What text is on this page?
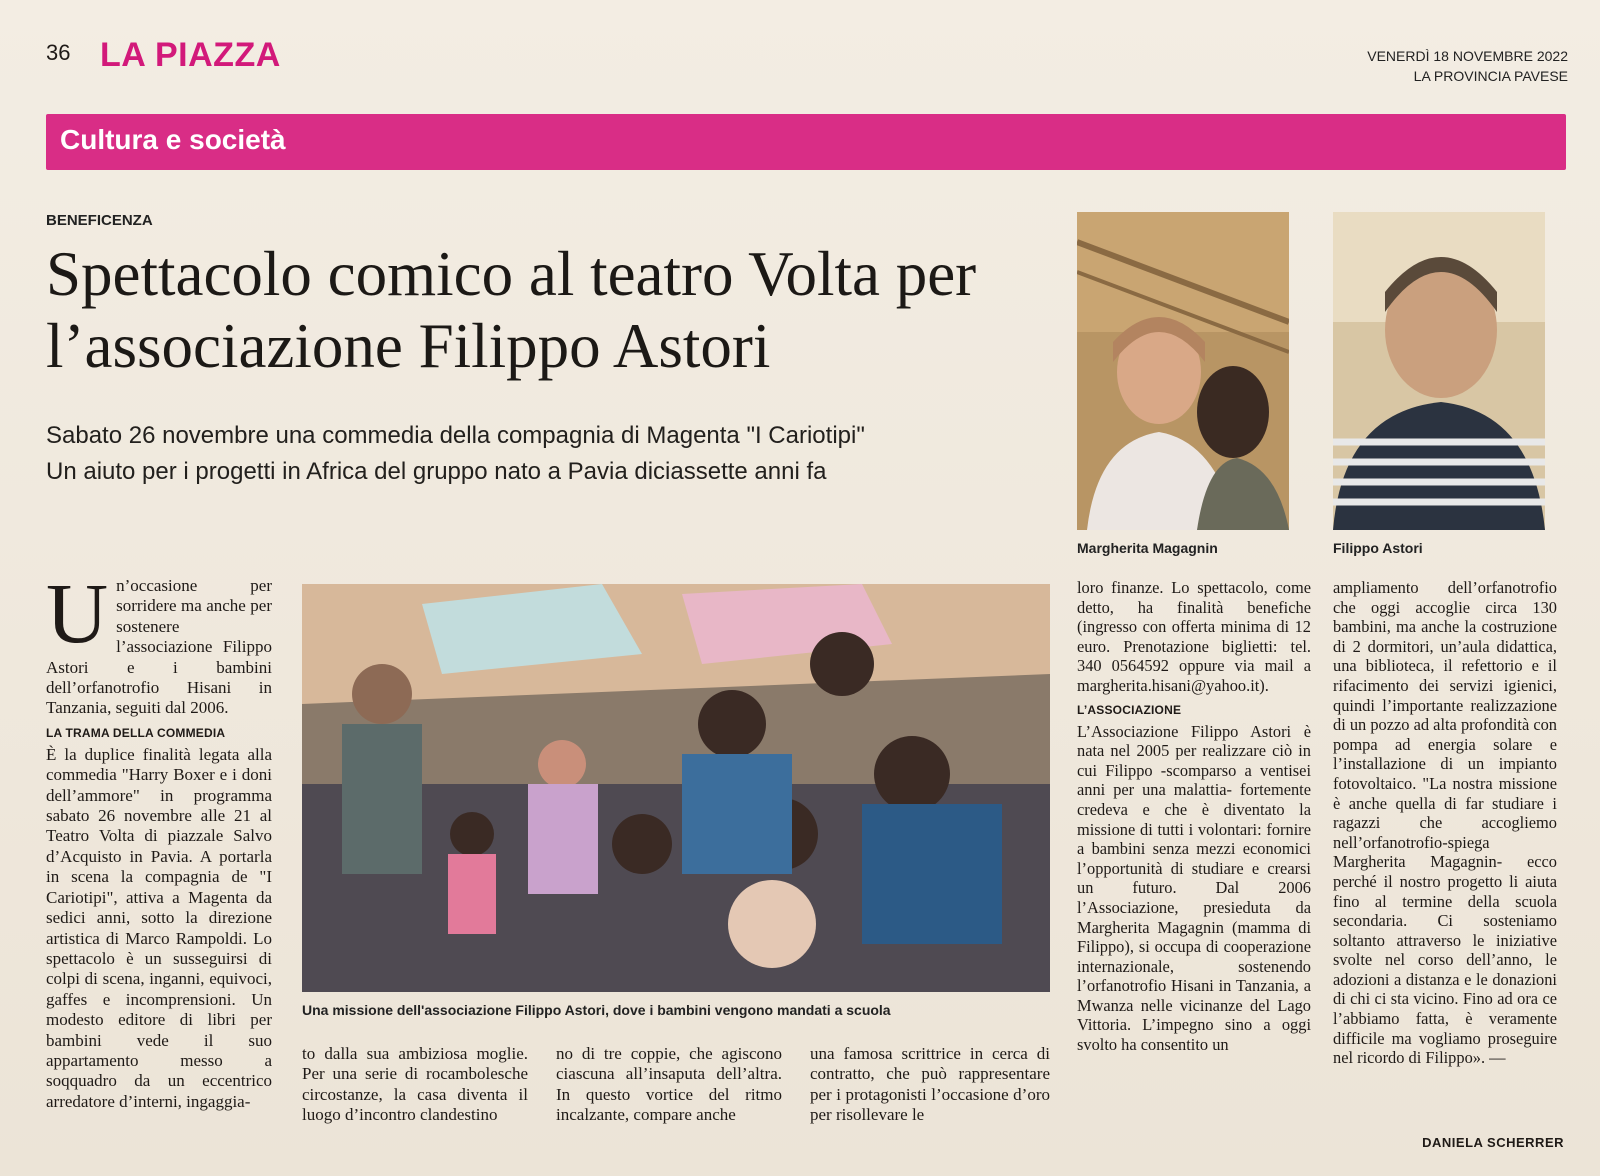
36 LA PIAZZA	VENERDÌ 18 NOVEMBRE 2022
LA PROVINCIA PAVESE
Cultura e società
BENEFICENZA
Spettacolo comico al teatro Volta per l’associazione Filippo Astori
Sabato 26 novembre una commedia della compagnia di Magenta "I Cariotipi"
Un aiuto per i progetti in Africa del gruppo nato a Pavia diciassette anni fa
Margherita Magagnin	Filippo Astori
Una missione dell'associazione Filippo Astori, dove i bambini vengono mandati a scuola
U n’occasione per sorridere ma anche per sostenere l’associazione Filippo Astori e i bambini dell’orfanotrofio Hisani in Tanzania, seguiti dal 2006.

LA TRAMA DELLA COMMEDIA

È la duplice finalità legata alla commedia "Harry Boxer e i doni dell’ammore" in programma sabato 26 novembre alle 21 al Teatro Volta di piazzale Salvo d’Acquisto in Pavia. A portarla in scena la compagnia de "I Cariotipi", attiva a Magenta da sedici anni, sotto la direzione artistica di Marco Rampoldi. Lo spettacolo è un susseguirsi di colpi di scena, inganni, equivoci, gaffes e incomprensioni. Un modesto editore di libri per bambini vede il suo appartamento messo a soqquadro da un eccentrico arredatore d’interni, ingaggia-

to dalla sua ambiziosa moglie. Per una serie di rocambolesche circostanze, la casa diventa il luogo d’incontro clandestino

no di tre coppie, che agiscono ciascuna all’insaputa dell’altra. In questo vortice del ritmo incalzante, compare anche

una famosa scrittrice in cerca di contratto, che può rappresentare per i protagonisti l’occasione d’oro per risollevare le

loro finanze. Lo spettacolo, come detto, ha finalità benefiche (ingresso con offerta minima di 12 euro. Prenotazione biglietti: tel. 340 0564592 oppure via mail a margherita.hisani@yahoo.it).

L’ASSOCIAZIONE

L’Associazione Filippo Astori è nata nel 2005 per realizzare ciò in cui Filippo -scomparso a ventisei anni per una malattia- fortemente credeva e che è diventato la missione di tutti i volontari: fornire a bambini senza mezzi economici l’opportunità di studiare e crearsi un futuro. Dal 2006 l’Associazione, presieduta da Margherita Magagnin (mamma di Filippo), si occupa di cooperazione internazionale, sostenendo l’orfanotrofio Hisani in Tanzania, a Mwanza nelle vicinanze del Lago Vittoria. L’impegno sino a oggi svolto ha consentito un

ampliamento dell’orfanotrofio che oggi accoglie circa 130 bambini, ma anche la costruzione di 2 dormitori, un’aula didattica, una biblioteca, il refettorio e il rifacimento dei servizi igienici, quindi l’importante realizzazione di un pozzo ad alta profondità con pompa ad energia solare e l’installazione di un impianto fotovoltaico. "La nostra missione è anche quella di far studiare i ragazzi che accogliemo nell’orfanotrofio-spiega Margherita Magagnin- ecco perché il nostro progetto li aiuta fino al termine della scuola secondaria. Ci sosteniamo soltanto attraverso le iniziative svolte nel corso dell’anno, le adozioni a distanza e le donazioni di chi ci sta vicino. Fino ad ora ce l’abbiamo fatta, è veramente difficile ma vogliamo proseguire nel ricordo di Filippo». —

DANIELA SCHERRER
